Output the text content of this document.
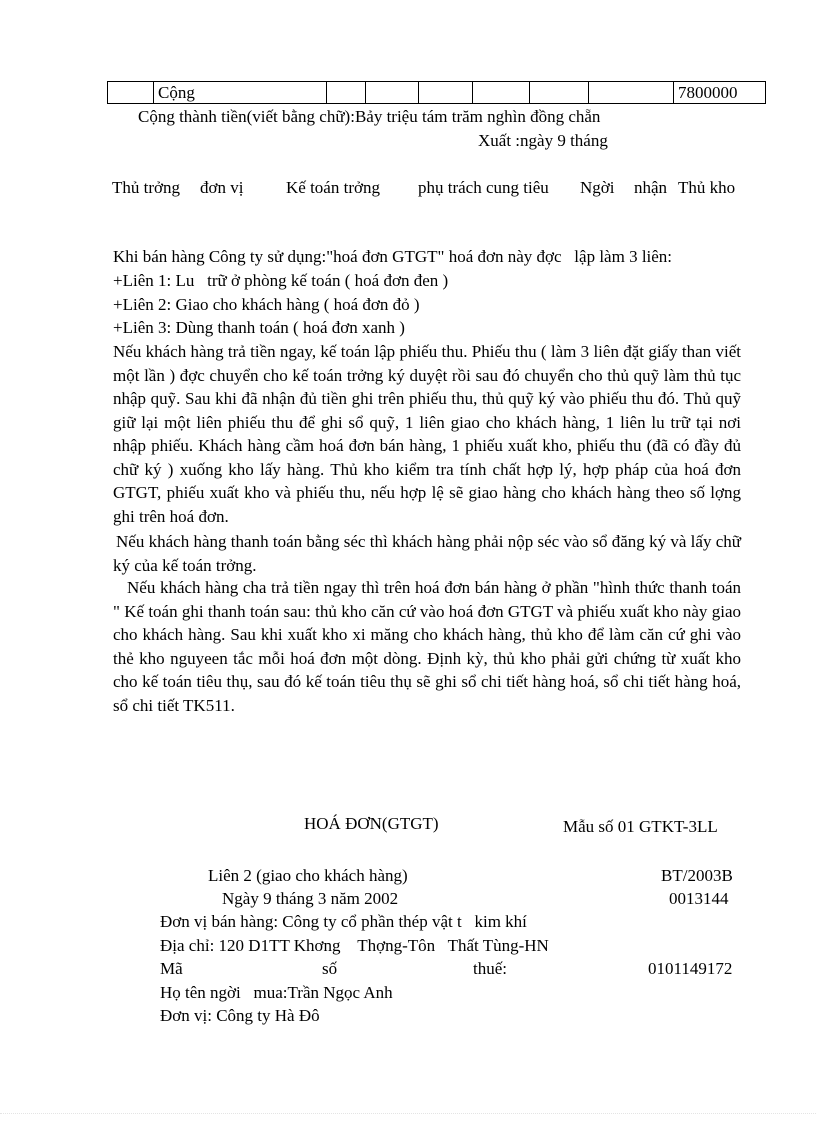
	Cộng							7800000
Cộng thành tiền(viết bằng chữ):Bảy triệu tám trăm nghìn đồng chẵn
Xuất :ngày 9 tháng
Thủ trởng đơn vị	Kế toán trởng phụ trách cung tiêu Ngời nhận Thủ kho
Khi bán hàng Công ty sử dụng:"hoá đơn GTGT" hoá đơn này đợc   lập làm 3 liên:
+Liên 1: Lu   trữ ở phòng kế toán ( hoá đơn đen )
+Liên 2: Giao cho khách hàng ( hoá đơn đỏ )
+Liên 3: Dùng thanh toán ( hoá đơn xanh )
Nếu khách hàng trả tiền ngay, kế toán lập phiếu thu. Phiếu thu ( làm 3 liên đặt giấy than viết một lần ) đợc chuyển cho kế toán trởng ký duyệt rồi sau đó chuyển cho thủ quỹ làm thủ tục nhập quỹ. Sau khi đã nhận đủ tiền ghi trên phiếu thu, thủ quỹ ký vào phiếu thu đó. Thủ quỹ giữ lại một liên phiếu thu để ghi sổ quỹ, 1 liên giao cho khách hàng, 1 liên lu trữ tại nơi nhập phiếu. Khách hàng cầm hoá đơn bán hàng, 1 phiếu xuất kho, phiếu thu (đã có đầy đủ chữ ký ) xuống kho lấy hàng. Thủ kho kiểm tra tính chất hợp lý, hợp pháp của hoá đơn GTGT, phiếu xuất kho và phiếu thu, nếu hợp lệ sẽ giao hàng cho khách hàng theo số lợng ghi trên hoá đơn.
Nếu khách hàng thanh toán bằng séc thì khách hàng phải nộp séc vào sổ đăng ký và lấy chữ ký của kế toán trởng.
Nếu khách hàng cha trả tiền ngay thì trên hoá đơn bán hàng ở phần "hình thức thanh toán " Kế toán ghi thanh toán sau: thủ kho căn cứ vào hoá đơn GTGT và phiếu xuất kho này giao cho khách hàng. Sau khi xuất kho xi măng cho khách hàng, thủ kho để làm căn cứ ghi vào thẻ kho nguyeen tắc mỗi hoá đơn một dòng. Định kỳ, thủ kho phải gửi chứng từ xuất kho cho kế toán tiêu thụ, sau đó kế toán tiêu thụ sẽ ghi sổ chi tiết hàng hoá, sổ chi tiết hàng hoá, sổ chi tiết TK511.
HOÁ ĐƠN(GTGT)	Mẫu số 01 GTKT-3LL
Liên 2 (giao cho khách hàng)	BT/2003B
Ngày 9 tháng 3 năm 2002	0013144
Đơn vị bán hàng: Công ty cổ phần thép vật t   kim khí
Địa chỉ: 120 D1TT Khơng    Thợng-Tôn   Thất Tùng-HN
Mã	số	thuế:	0101149172
Họ tên ngời   mua:Trần Ngọc Anh
Đơn vị: Công ty Hà Đô
